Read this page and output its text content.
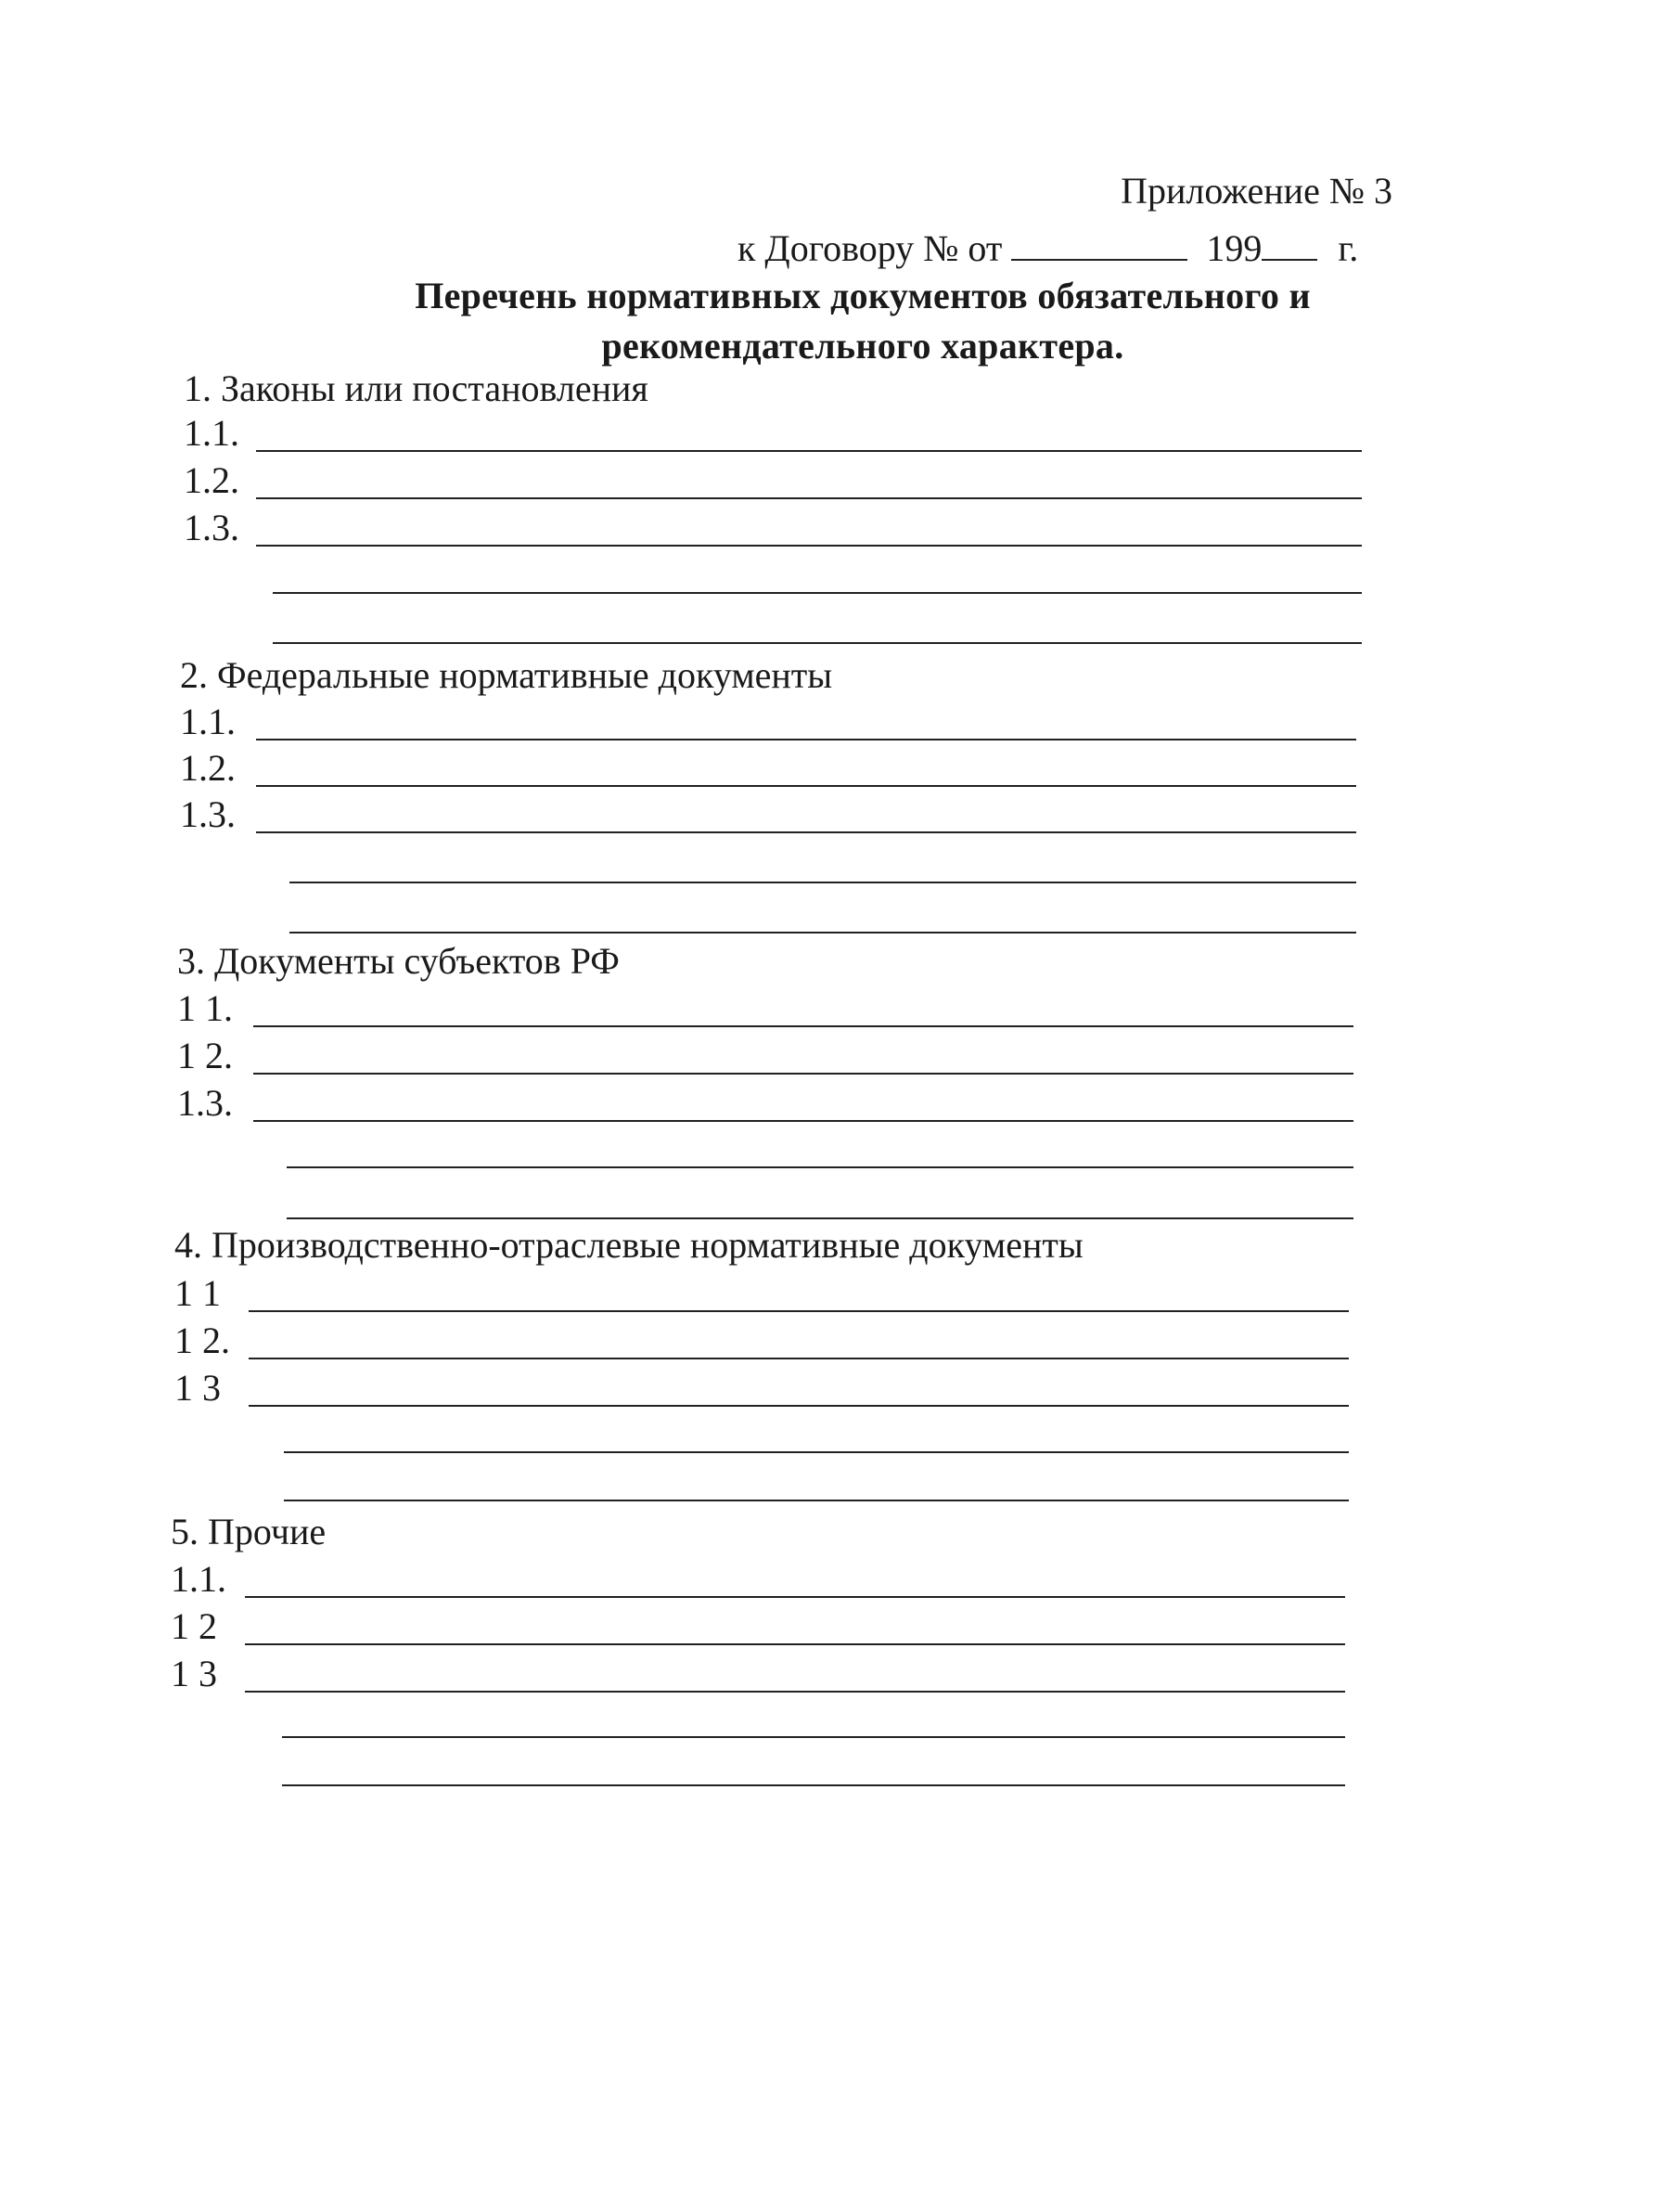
Приложение № 3
к Договору № от	199 г.
Перечень нормативных документов обязательного и
рекомендательного характера.
1. Законы или постановления
1.1.
1.2.
1.3.
2. Федеральные нормативные документы
1.1.
1.2.
1.3.
3. Документы субъектов РФ
1 1.
1 2.
1.3.
4. Производственно-отраслевые нормативные документы
1 1
1 2.
1 3
5. Прочие
1.1.
1 2
1 3
